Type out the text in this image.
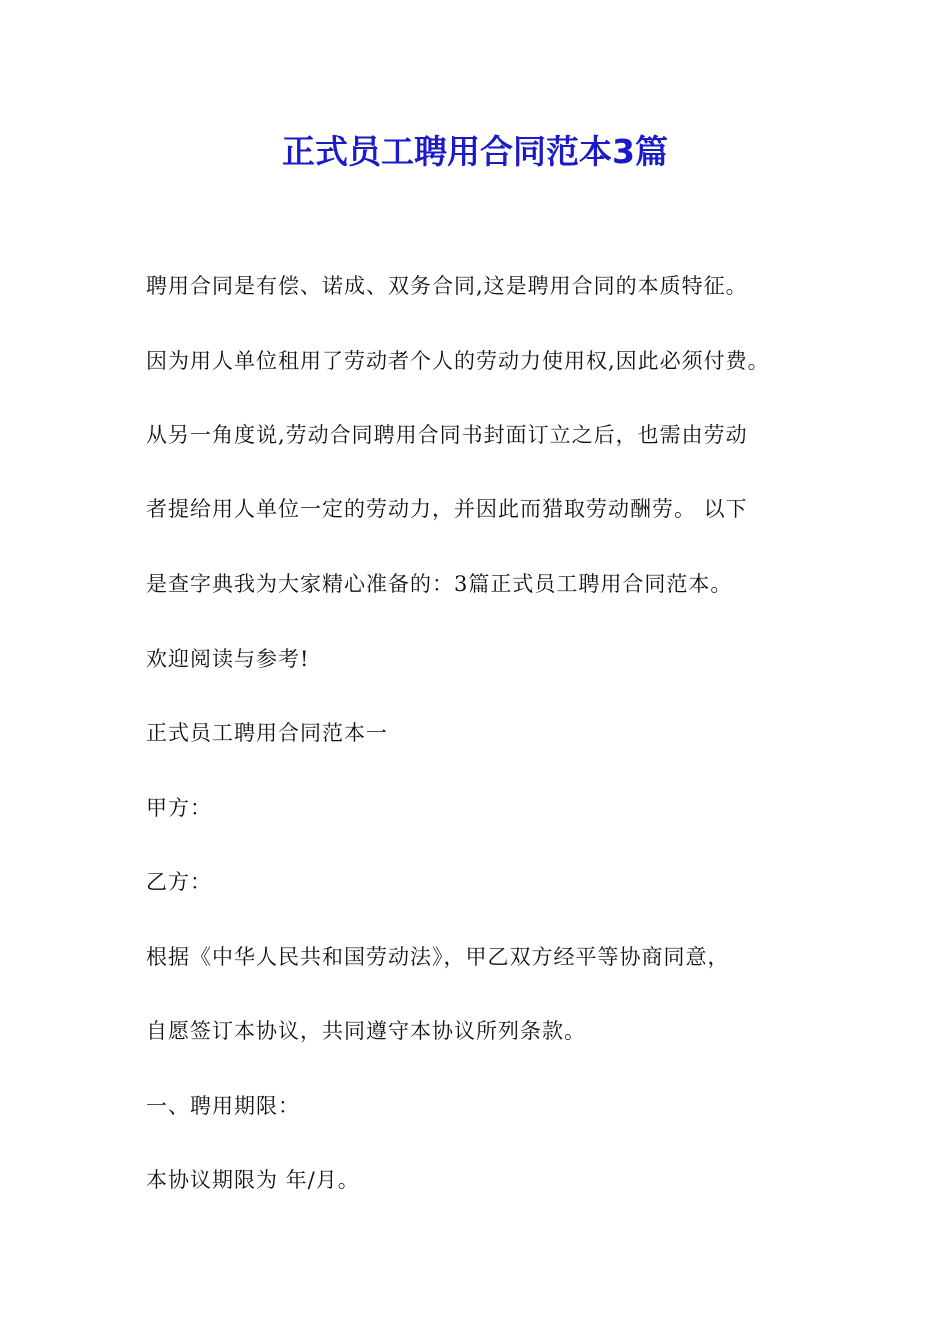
正式员工聘用合同范本3篇
聘用合同是有偿、诺成、双务合同,这是聘用合同的本质特征。
因为用人单位租用了劳动者个人的劳动力使用权,因此必须付费。
从另一角度说,劳动合同聘用合同书封面订立之后，也需由劳动
者提给用人单位一定的劳动力，并因此而猎取劳动酬劳。 以下
是查字典我为大家精心准备的：3篇正式员工聘用合同范本。
欢迎阅读与参考!
正式员工聘用合同范本一
甲方：
乙方：
根据《中华人民共和国劳动法》，甲乙双方经平等协商同意，
自愿签订本协议，共同遵守本协议所列条款。
一、聘用期限：
本协议期限为 年/月。
